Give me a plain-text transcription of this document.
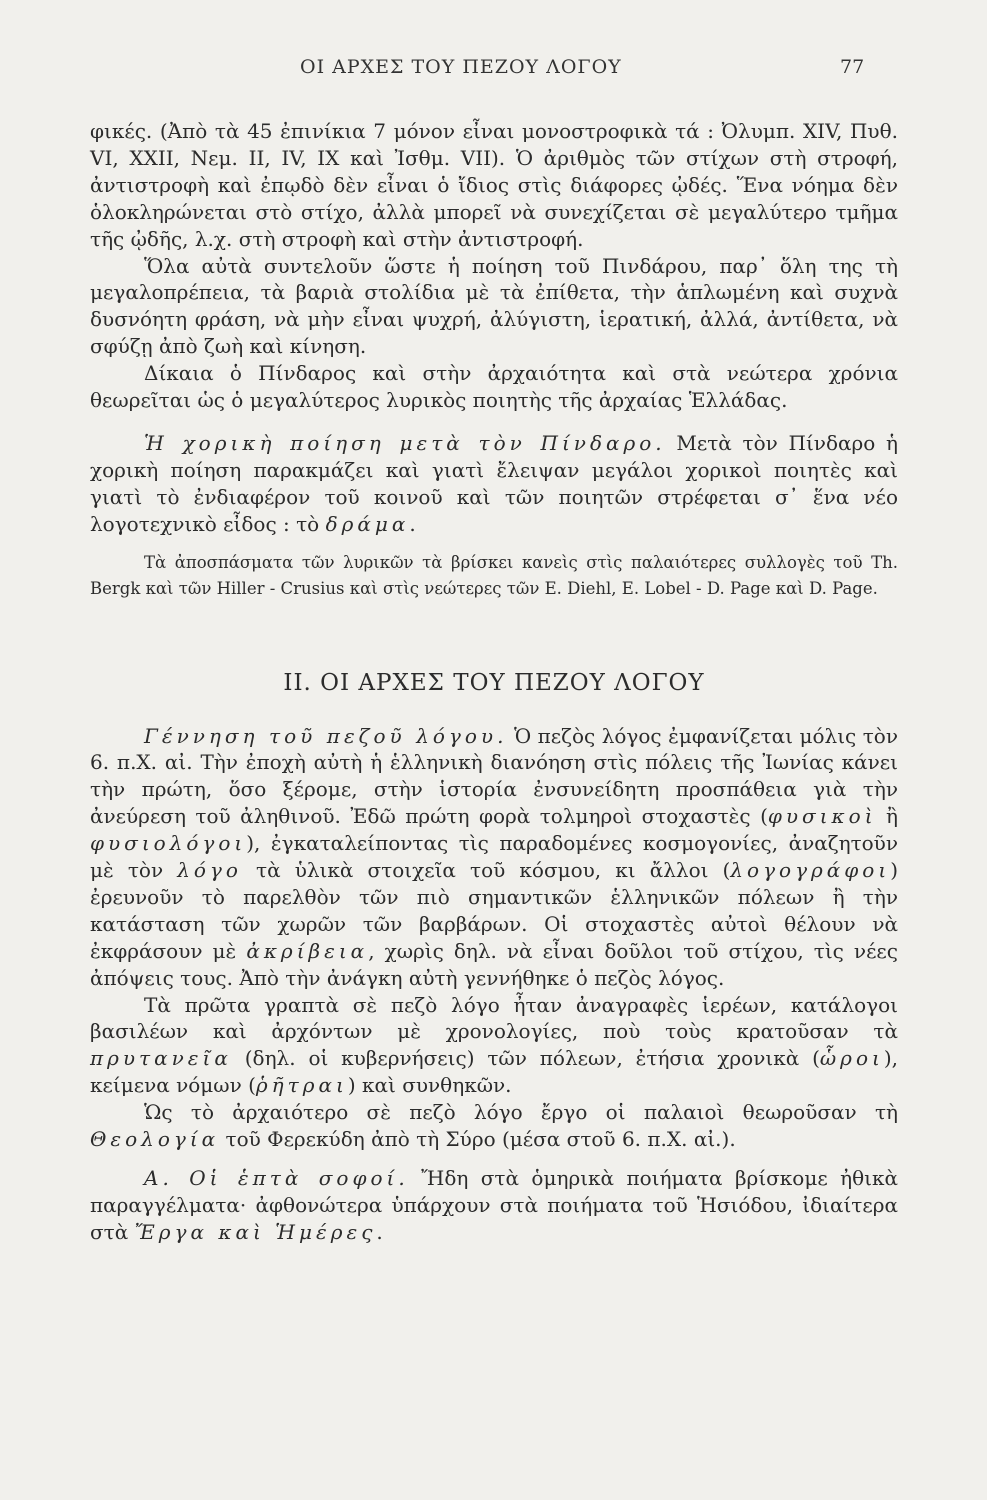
ΟΙ ΑΡΧΕΣ ΤΟΥ ΠΕΖΟΥ ΛΟΓΟΥ	77

φικές. (Ἀπὸ τὰ 45 ἐπινίκια 7 μόνον εἶναι μονοστροφικὰ τά : Ὀλυμπ. XIV, Πυθ. VI, XXII, Νεμ. II, IV, IX καὶ Ἰσθμ. VII). Ὁ ἀριθμὸς τῶν στίχων στὴ στροφή, ἀντιστροφὴ καὶ ἐπῳδὸ δὲν εἶναι ὁ ἴδιος στὶς διάφορες ᾠδές. Ἕνα νόημα δὲν ὁλοκληρώνεται στὸ στίχο, ἀλλὰ μπορεῖ νὰ συνεχίζεται σὲ μεγαλύτερο τμῆμα τῆς ᾠδῆς, λ.χ. στὴ στροφὴ καὶ στὴν ἀντιστροφή.

Ὅλα αὐτὰ συντελοῦν ὥστε ἡ ποίηση τοῦ Πινδάρου, παρ᾽ ὅλη της τὴ μεγαλοπρέπεια, τὰ βαριὰ στολίδια μὲ τὰ ἐπίθετα, τὴν ἁπλωμένη καὶ συχνὰ δυσνόητη φράση, νὰ μὴν εἶναι ψυχρή, ἀλύγιστη, ἱερατική, ἀλλά, ἀντίθετα, νὰ σφύζῃ ἀπὸ ζωὴ καὶ κίνηση.

Δίκαια ὁ Πίνδαρος καὶ στὴν ἀρχαιότητα καὶ στὰ νεώτερα χρόνια θεωρεῖται ὡς ὁ μεγαλύτερος λυρικὸς ποιητὴς τῆς ἀρχαίας Ἑλλάδας.

Ἡ χορικὴ ποίηση μετὰ τὸν Πίνδαρο. Μετὰ τὸν Πίνδαρο ἡ χορικὴ ποίηση παρακμάζει καὶ γιατὶ ἔλειψαν μεγάλοι χορικοὶ ποιητὲς καὶ γιατὶ τὸ ἐνδιαφέρον τοῦ κοινοῦ καὶ τῶν ποιητῶν στρέφεται σ᾽ ἕνα νέο λογοτεχνικὸ εἶδος : τὸ δράμα.

Τὰ ἀποσπάσματα τῶν λυρικῶν τὰ βρίσκει κανεὶς στὶς παλαιότερες συλλογὲς τοῦ Th. Bergk καὶ τῶν Hiller - Crusius καὶ στὶς νεώτερες τῶν E. Diehl, E. Lobel - D. Page καὶ D. Page.

II. ΟΙ ΑΡΧΕΣ ΤΟΥ ΠΕΖΟΥ ΛΟΓΟΥ

Γέννηση τοῦ πεζοῦ λόγου. Ὁ πεζὸς λόγος ἐμφανίζεται μόλις τὸν 6. π.Χ. αἰ. Τὴν ἐποχὴ αὐτὴ ἡ ἑλληνικὴ διανόηση στὶς πόλεις τῆς Ἰωνίας κάνει τὴν πρώτη, ὅσο ξέρομε, στὴν ἱστορία ἐνσυνείδητη προσπάθεια γιὰ τὴν ἀνεύρεση τοῦ ἀληθινοῦ. Ἐδῶ πρώτη φορὰ τολμηροὶ στοχαστὲς (φυσικοὶ ἢ φυσιολόγοι), ἐγκαταλείποντας τὶς παραδομένες κοσμογονίες, ἀναζητοῦν μὲ τὸν λόγο τὰ ὑλικὰ στοιχεῖα τοῦ κόσμου, κι ἄλλοι (λογογράφοι) ἐρευνοῦν τὸ παρελθὸν τῶν πιὸ σημαντικῶν ἑλληνικῶν πόλεων ἢ τὴν κατάσταση τῶν χωρῶν τῶν βαρβάρων. Οἱ στοχαστὲς αὐτοὶ θέλουν νὰ ἐκφράσουν μὲ ἀκρίβεια, χωρὶς δηλ. νὰ εἶναι δοῦλοι τοῦ στίχου, τὶς νέες ἀπόψεις τους. Ἀπὸ τὴν ἀνάγκη αὐτὴ γεννήθηκε ὁ πεζὸς λόγος.

Τὰ πρῶτα γραπτὰ σὲ πεζὸ λόγο ἦταν ἀναγραφὲς ἱερέων, κατάλογοι βασιλέων καὶ ἀρχόντων μὲ χρονολογίες, ποὺ τοὺς κρατοῦσαν τὰ πρυτανεῖα (δηλ. οἱ κυβερνήσεις) τῶν πόλεων, ἐτήσια χρονικὰ (ὧροι), κείμενα νόμων (ῥῆτραι) καὶ συνθηκῶν.

Ὡς τὸ ἀρχαιότερο σὲ πεζὸ λόγο ἔργο οἱ παλαιοὶ θεωροῦσαν τὴ Θεολογία τοῦ Φερεκύδη ἀπὸ τὴ Σύρο (μέσα στοῦ 6. π.Χ. αἰ.).

Α. Οἱ ἑπτὰ σοφοί. Ἤδη στὰ ὁμηρικὰ ποιήματα βρίσκομε ἠθικὰ παραγγέλματα· ἀφθονώτερα ὑπάρχουν στὰ ποιήματα τοῦ Ἡσιόδου, ἰδιαίτερα στὰ Ἔργα καὶ Ἡμέρες.
